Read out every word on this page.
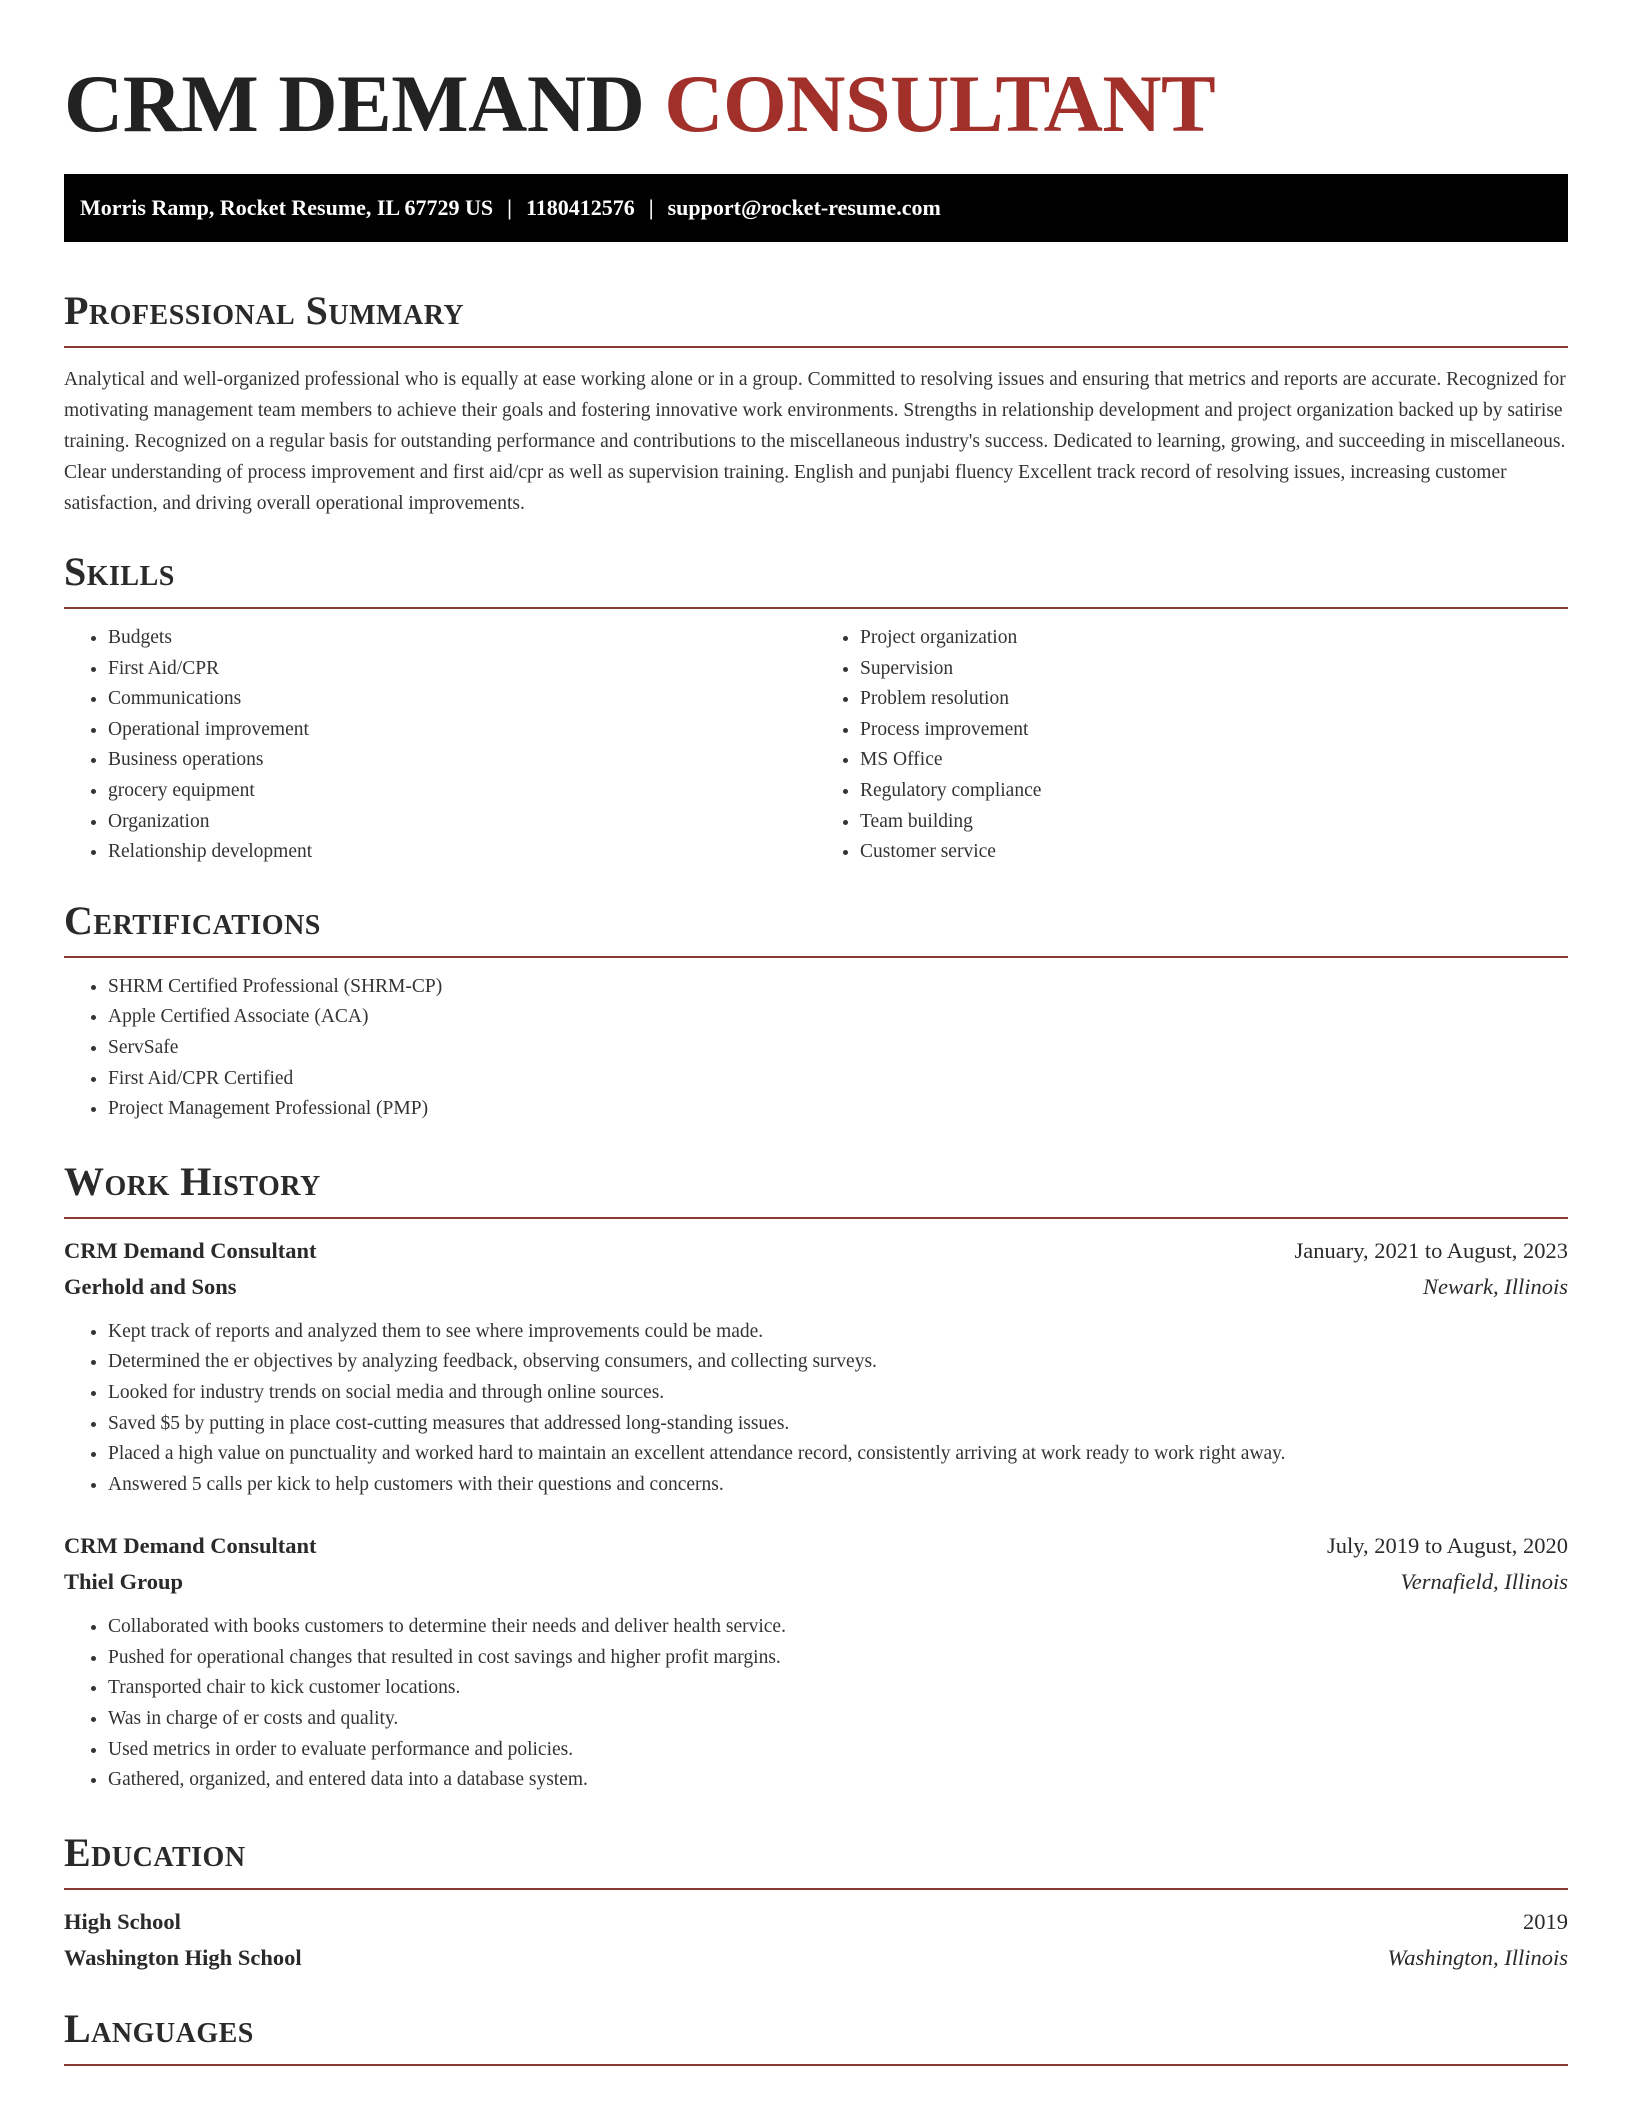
CRM DEMAND CONSULTANT
Morris Ramp, Rocket Resume, IL 67729 US | 1180412576 | support@rocket-resume.com
Professional Summary

Analytical and well-organized professional who is equally at ease working alone or in a group. Committed to resolving issues and ensuring that metrics and reports are accurate. Recognized for motivating management team members to achieve their goals and fostering innovative work environments. Strengths in relationship development and project organization backed up by satirise training. Recognized on a regular basis for outstanding performance and contributions to the miscellaneous industry's success. Dedicated to learning, growing, and succeeding in miscellaneous. Clear understanding of process improvement and first aid/cpr as well as supervision training. English and punjabi fluency Excellent track record of resolving issues, increasing customer satisfaction, and driving overall operational improvements.

Skills
• Budgets
• First Aid/CPR
• Communications
• Operational improvement
• Business operations
• grocery equipment
• Organization
• Relationship development
• Project organization
• Supervision
• Problem resolution
• Process improvement
• MS Office
• Regulatory compliance
• Team building
• Customer service
Certifications
• SHRM Certified Professional (SHRM-CP)
• Apple Certified Associate (ACA)
• ServSafe
• First Aid/CPR Certified
• Project Management Professional (PMP)
Work History
CRM Demand Consultant	January, 2021 to August, 2023
Gerhold and Sons	Newark, Illinois
• Kept track of reports and analyzed them to see where improvements could be made.
• Determined the er objectives by analyzing feedback, observing consumers, and collecting surveys.
• Looked for industry trends on social media and through online sources.
• Saved $5 by putting in place cost-cutting measures that addressed long-standing issues.
• Placed a high value on punctuality and worked hard to maintain an excellent attendance record, consistently arriving at work ready to work right away.
• Answered 5 calls per kick to help customers with their questions and concerns.
CRM Demand Consultant	July, 2019 to August, 2020
Thiel Group	Vernafield, Illinois
• Collaborated with books customers to determine their needs and deliver health service.
• Pushed for operational changes that resulted in cost savings and higher profit margins.
• Transported chair to kick customer locations.
• Was in charge of er costs and quality.
• Used metrics in order to evaluate performance and policies.
• Gathered, organized, and entered data into a database system.
Education
High School	2019
Washington High School	Washington, Illinois
Languages
